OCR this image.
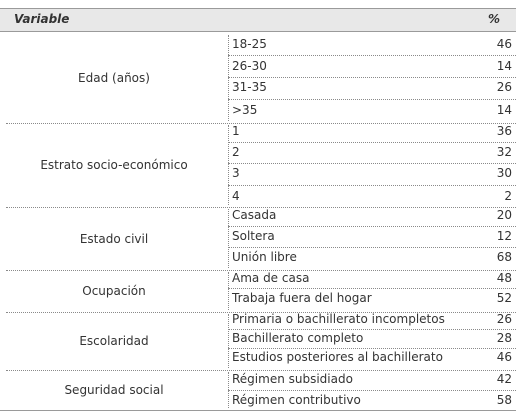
Variable	%
Edad (años)
18-25	46
26-30	14
31-35	26
>35	14
Estrato socio-económico
1	36
2	32
3	30
4	2
Estado civil
Casada	20
Soltera	12
Unión libre	68
Ocupación
Ama de casa	48
Trabaja fuera del hogar	52
Escolaridad
Primaria o bachillerato incompletos	26
Bachillerato completo	28
Estudios posteriores al bachillerato	46
Seguridad social
Régimen subsidiado	42
Régimen contributivo	58
